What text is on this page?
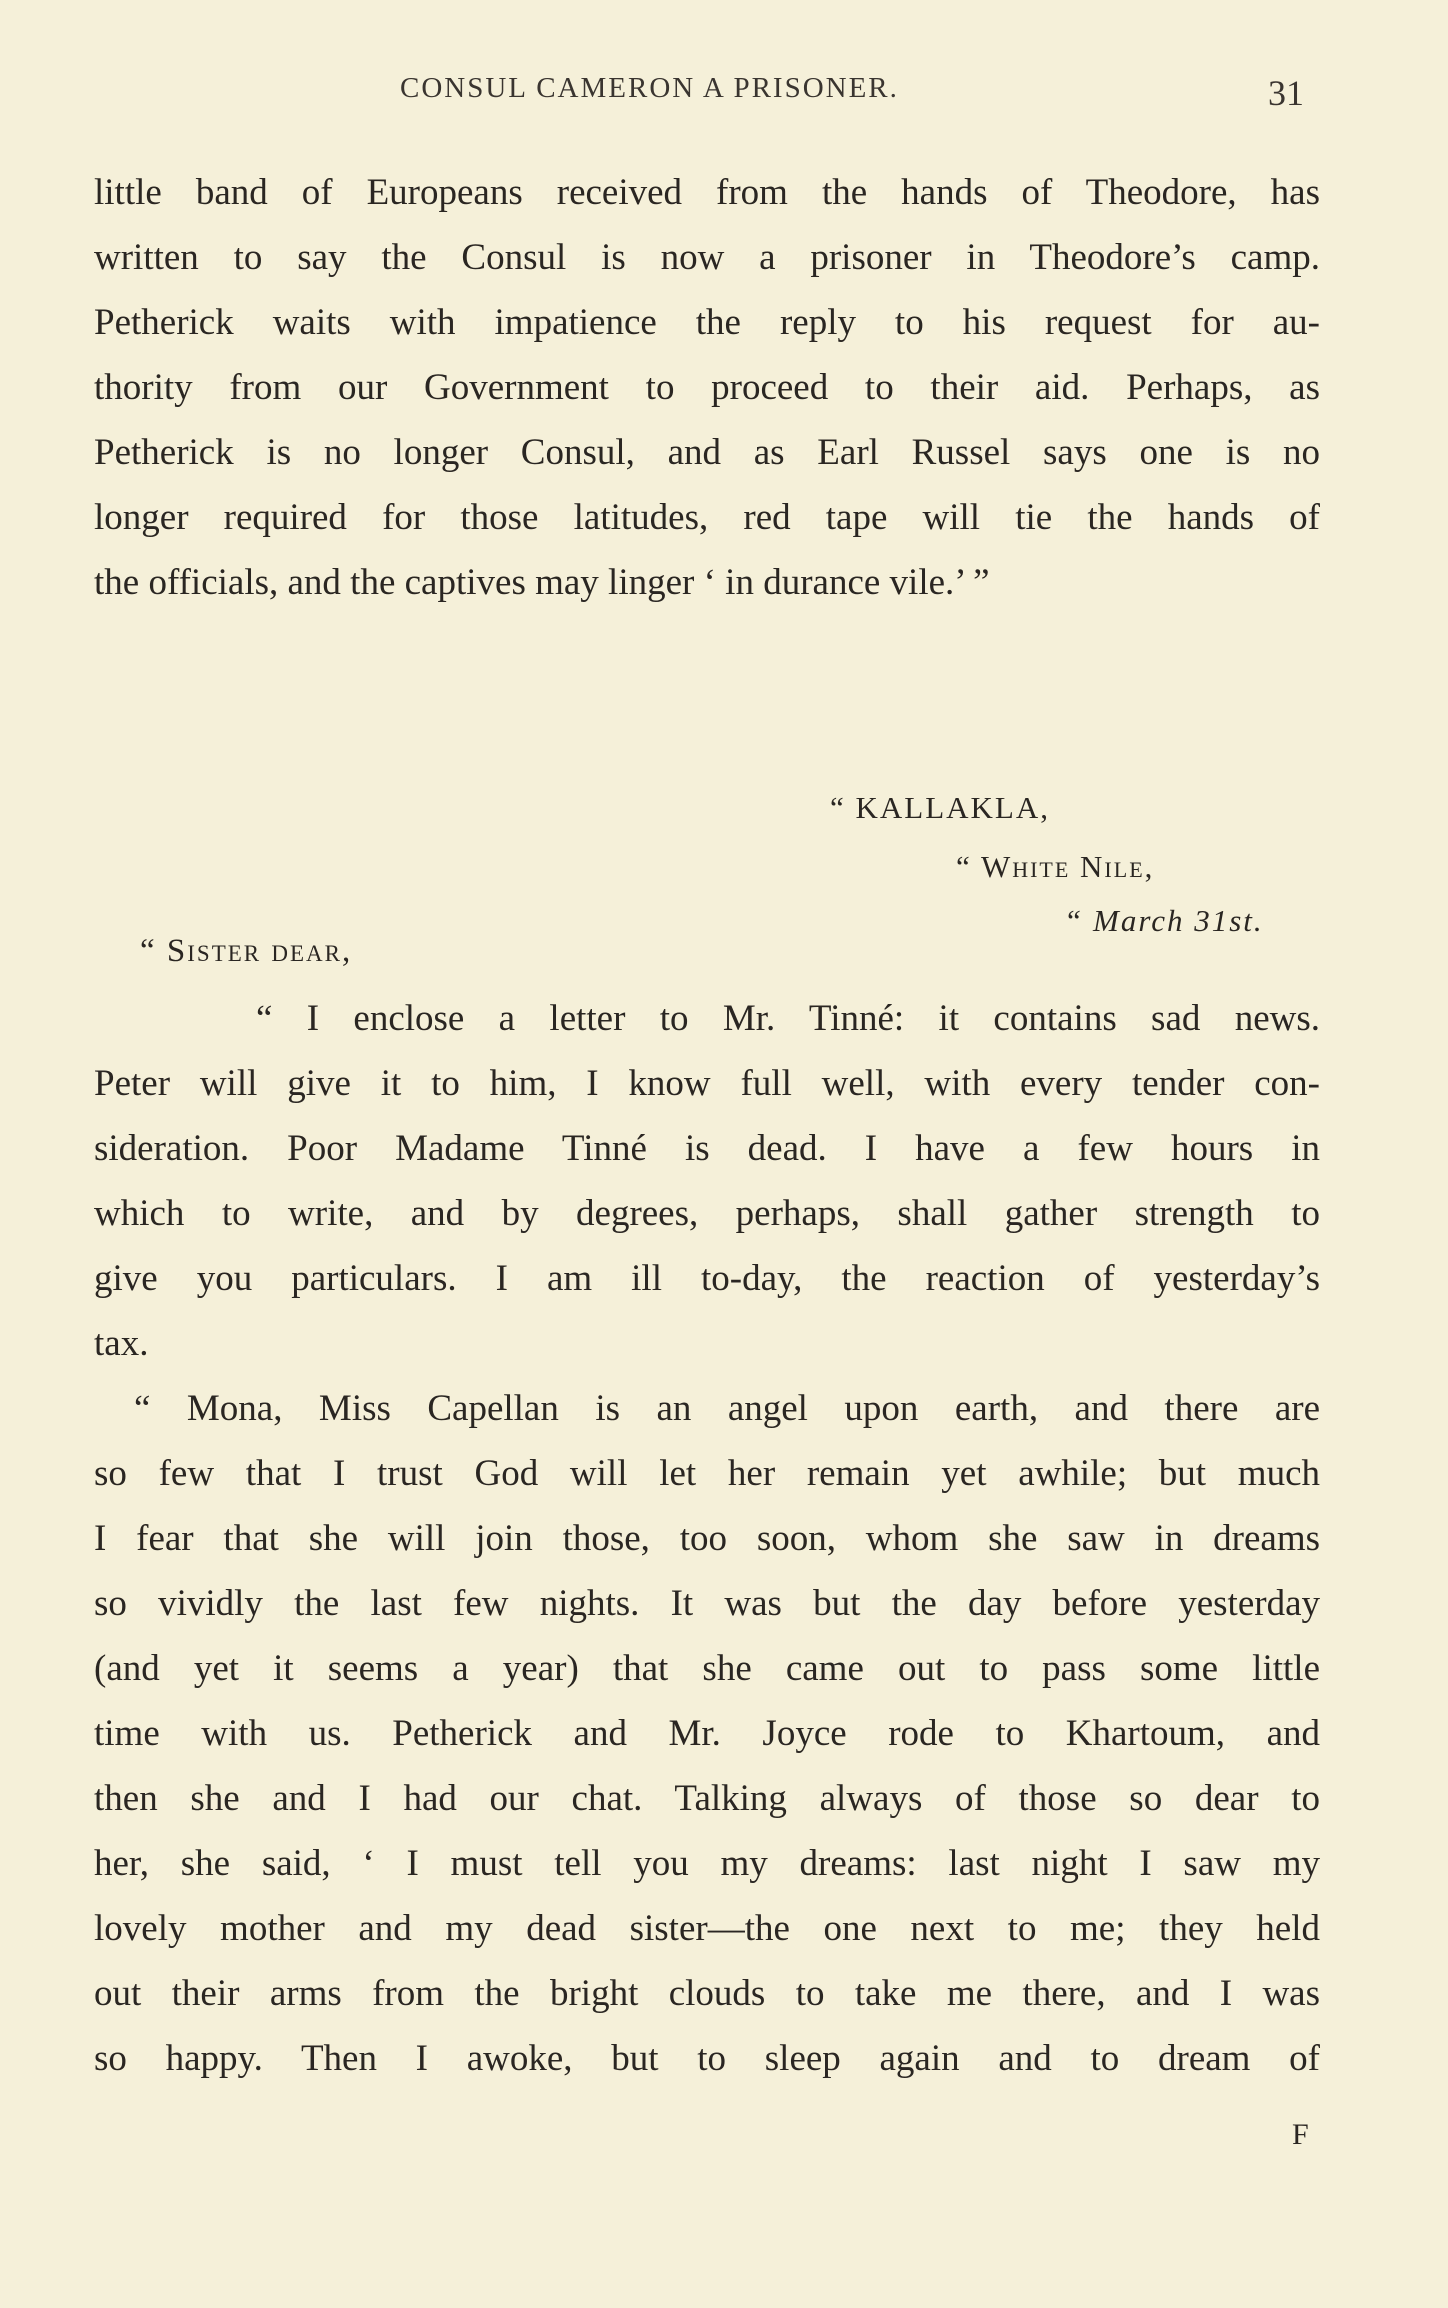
CONSUL CAMERON A PRISONER.	31
little band of Europeans received from the hands of Theodore, has
written to say the Consul is now a prisoner in Theodore’s camp.
Petherick waits with impatience the reply to his request for au-
thority from our Government to proceed to their aid. Perhaps, as
Petherick is no longer Consul, and as Earl Russel says one is no
longer required for those latitudes, red tape will tie the hands of
the officials, and the captives may linger ‘ in durance vile.’ ”
“ KALLAKLA,
“ White Nile,
“ March 31st.
“ Sister dear,
“ I enclose a letter to Mr. Tinné: it contains sad news.
Peter will give it to him, I know full well, with every tender con-
sideration. Poor Madame Tinné is dead. I have a few hours in
which to write, and by degrees, perhaps, shall gather strength to
give you particulars. I am ill to-day, the reaction of yesterday’s
tax.
“ Mona, Miss Capellan is an angel upon earth, and there are
so few that I trust God will let her remain yet awhile; but much
I fear that she will join those, too soon, whom she saw in dreams
so vividly the last few nights. It was but the day before yesterday
(and yet it seems a year) that she came out to pass some little
time with us. Petherick and Mr. Joyce rode to Khartoum, and
then she and I had our chat. Talking always of those so dear to
her, she said, ‘ I must tell you my dreams: last night I saw my
lovely mother and my dead sister—the one next to me; they held
out their arms from the bright clouds to take me there, and I was
so happy. Then I awoke, but to sleep again and to dream of
F
